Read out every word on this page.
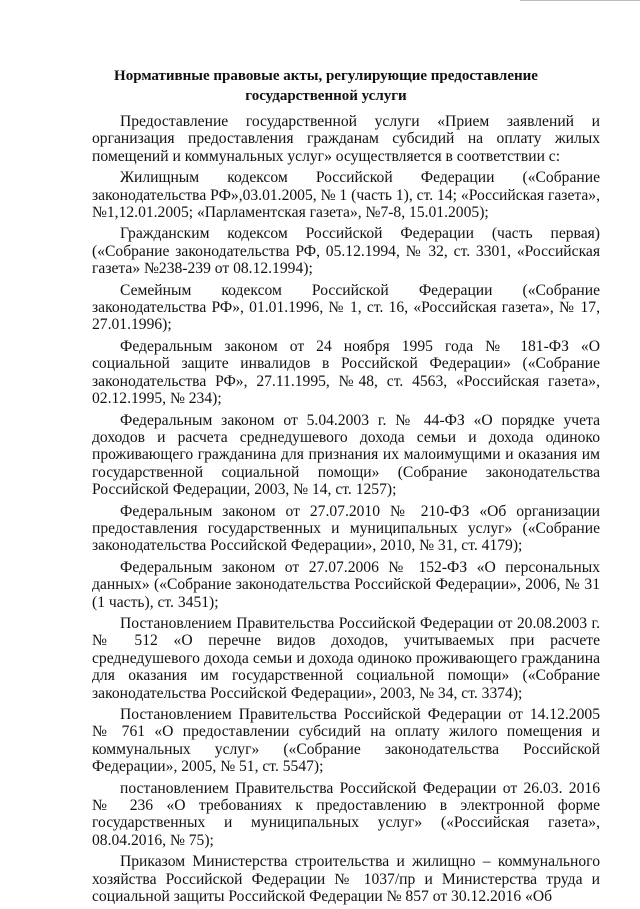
Нормативные правовые акты, регулирующие предоставление государственной услуги

Предоставление государственной услуги «Прием заявлений и организация предоставления гражданам субсидий на оплату жилых помещений и коммунальных услуг» осуществляется в соответствии с:

Жилищным кодексом Российской Федерации («Собрание законодательства РФ»,03.01.2005, № 1 (часть 1), ст. 14; «Российская газета»,№1,12.01.2005; «Парламентская газета», №7-8, 15.01.2005);

Гражданским кодексом Российской Федерации (часть первая) («Собрание законодательства РФ, 05.12.1994, № 32, ст. 3301, «Российская газета» №238-239 от 08.12.1994);

Семейным кодексом Российской Федерации («Собрание законодательства РФ», 01.01.1996, № 1, ст. 16, «Российская газета», № 17, 27.01.1996);

Федеральным законом от 24 ноября 1995 года № 181-ФЗ «О социальной защите инвалидов в Российской Федерации» («Собрание законодательства РФ», 27.11.1995, №48, ст. 4563, «Российская газета», 02.12.1995, № 234);

Федеральным законом от 5.04.2003 г. № 44-ФЗ «О порядке учета доходов и расчета среднедушевого дохода семьи и дохода одиноко проживающего гражданина для признания их малоимущими и оказания им государственной социальной помощи» (Собрание законодательства Российской Федерации, 2003, № 14, ст. 1257);

Федеральным законом от 27.07.2010 № 210-ФЗ «Об организации предоставления государственных и муниципальных услуг» («Собрание законодательства Российской Федерации», 2010, № 31, ст. 4179);

Федеральным законом от 27.07.2006 № 152-ФЗ «О персональных данных» («Собрание законодательства Российской Федерации», 2006, № 31 (1 часть), ст. 3451);

Постановлением Правительства Российской Федерации от 20.08.2003 г. № 512 «О перечне видов доходов, учитываемых при расчете среднедушевого дохода семьи и дохода одиноко проживающего гражданина для оказания им государственной социальной помощи» («Собрание законодательства Российской Федерации», 2003, № 34, ст. 3374);

Постановлением Правительства Российской Федерации от 14.12.2005 № 761 «О предоставлении субсидий на оплату жилого помещения и коммунальных услуг» («Собрание законодательства Российской Федерации», 2005, № 51, ст. 5547);

постановлением Правительства Российской Федерации от 26.03. 2016 № 236 «О требованиях к предоставлению в электронной форме государственных и муниципальных услуг» («Российская газета», 08.04.2016, № 75);

Приказом Министерства строительства и жилищно – коммунального хозяйства Российской Федерации № 1037/пр и Министерства труда и социальной защиты Российской Федерации № 857 от 30.12.2016 «Об
